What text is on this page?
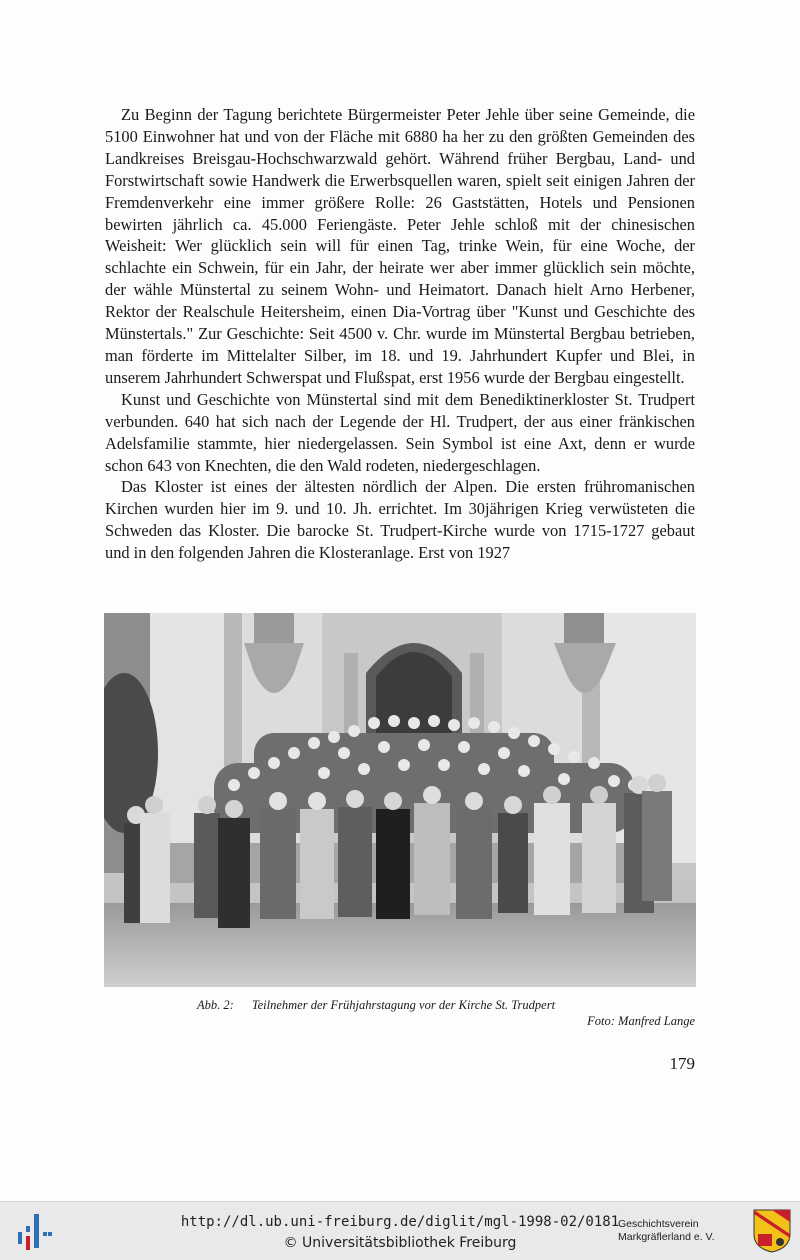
Zu Beginn der Tagung berichtete Bürgermeister Peter Jehle über seine Gemeinde, die 5100 Einwohner hat und von der Fläche mit 6880 ha her zu den größten Gemeinden des Landkreises Breisgau-Hochschwarzwald gehört. Während früher Bergbau, Land- und Forstwirtschaft sowie Handwerk die Erwerbsquellen waren, spielt seit einigen Jahren der Fremdenverkehr eine immer größere Rolle: 26 Gaststätten, Hotels und Pensionen bewirten jährlich ca. 45.000 Feriengäste. Peter Jehle schloß mit der chinesischen Weisheit: Wer glücklich sein will für einen Tag, trinke Wein, für eine Woche, der schlachte ein Schwein, für ein Jahr, der heirate wer aber immer glücklich sein möchte, der wähle Münstertal zu seinem Wohn- und Heimatort. Danach hielt Arno Herbener, Rektor der Realschule Heitersheim, einen Dia-Vortrag über "Kunst und Geschichte des Münstertals." Zur Geschichte: Seit 4500 v. Chr. wurde im Münstertal Bergbau betrieben, man förderte im Mittelalter Silber, im 18. und 19. Jahrhundert Kupfer und Blei, in unserem Jahrhundert Schwerspat und Flußspat, erst 1956 wurde der Bergbau eingestellt.

Kunst und Geschichte von Münstertal sind mit dem Benediktinerkloster St. Trudpert verbunden. 640 hat sich nach der Legende der Hl. Trudpert, der aus einer fränkischen Adelsfamilie stammte, hier niedergelassen. Sein Symbol ist eine Axt, denn er wurde schon 643 von Knechten, die den Wald rodeten, niedergeschlagen.

Das Kloster ist eines der ältesten nördlich der Alpen. Die ersten frühromanischen Kirchen wurden hier im 9. und 10. Jh. errichtet. Im 30jährigen Krieg verwüsteten die Schweden das Kloster. Die barocke St. Trudpert-Kirche wurde von 1715-1727 gebaut und in den folgenden Jahren die Klosteranlage. Erst von 1927

Abb. 2: Teilnehmer der Frühjahrstagung vor der Kirche St. Trudpert
Foto: Manfred Lange
179
http://dl.ub.uni-freiburg.de/diglit/mgl-1998-02/0181
© Universitätsbibliothek Freiburg
Geschichtsverein
Markgräflerland e. V.
